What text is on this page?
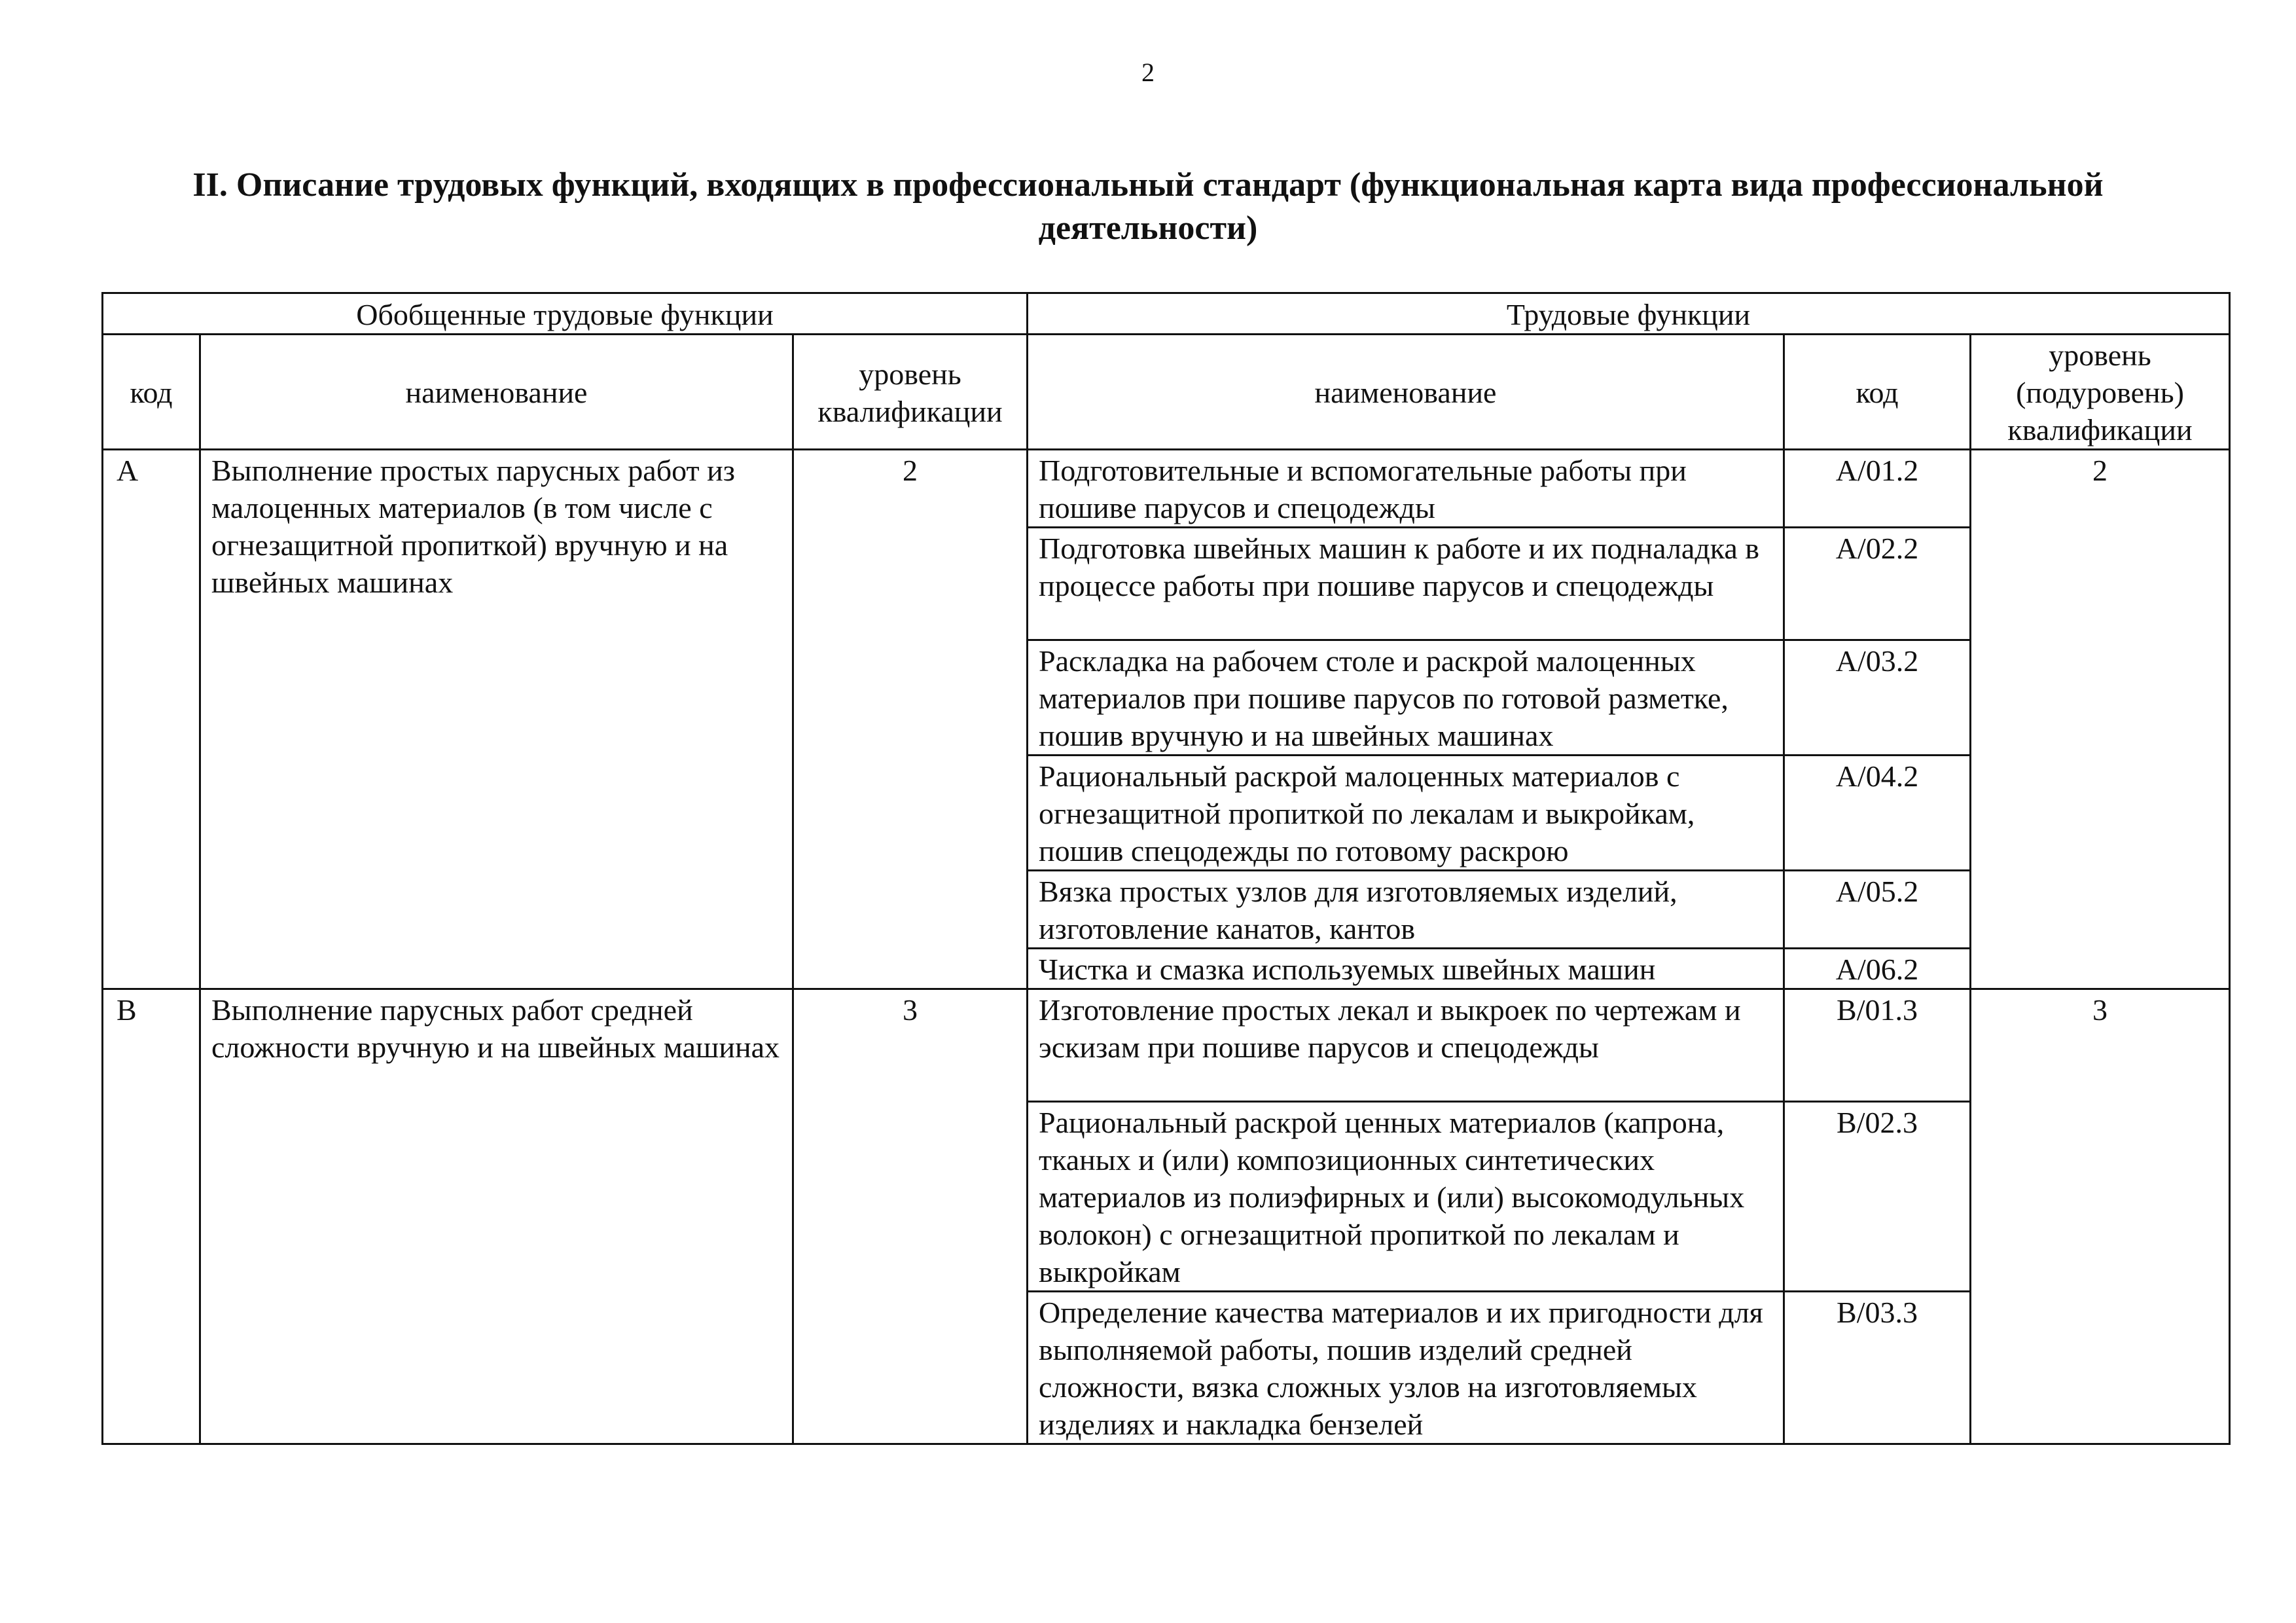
2
II. Описание трудовых функций, входящих в профессиональный стандарт (функциональная карта вида профессиональной деятельности)
Обобщенные трудовые функции			Трудовые функции		
код	наименование	уровень квалификации	наименование	код	уровень (подуровень) квалификации
A	Выполнение простых парусных работ из малоценных материалов (в том числе с огнезащитной пропиткой) вручную и на швейных машинах	2	Подготовительные и вспомогательные работы при пошиве парусов и спецодежды	A/01.2	2
			Подготовка швейных машин к работе и их подналадка в процессе работы при пошиве парусов и спецодежды	A/02.2	
			Раскладка на рабочем столе и раскрой малоценных материалов при пошиве парусов по готовой разметке, пошив вручную и на швейных машинах	A/03.2	
			Рациональный раскрой малоценных материалов с огнезащитной пропиткой по лекалам и выкройкам, пошив спецодежды по готовому раскрою	A/04.2	
			Вязка простых узлов для изготовляемых изделий, изготовление канатов, кантов	A/05.2	
			Чистка и смазка используемых швейных машин	A/06.2	
B	Выполнение парусных работ средней сложности вручную и на швейных машинах	3	Изготовление простых лекал и выкроек по чертежам и эскизам при пошиве парусов и спецодежды	B/01.3	3
			Рациональный раскрой ценных материалов (капрона, тканых и (или) композиционных синтетических материалов из полиэфирных и (или) высокомодульных волокон) с огнезащитной пропиткой по лекалам и выкройкам	B/02.3	
			Определение качества материалов и их пригодности для выполняемой работы, пошив изделий средней сложности, вязка сложных узлов на изготовляемых изделиях и накладка бензелей	B/03.3	
